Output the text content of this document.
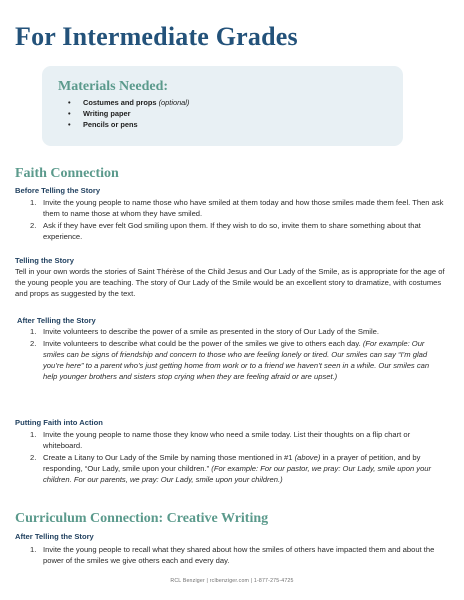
For Intermediate Grades
Materials Needed:
• Costumes and props (optional)
• Writing paper
• Pencils or pens
Faith Connection
Before Telling the Story
1. Invite the young people to name those who have smiled at them today and how those smiles made them feel. Then ask them to name those at whom they have smiled.
2. Ask if they have ever felt God smiling upon them. If they wish to do so, invite them to share something about that experience.
Telling the Story

Tell in your own words the stories of Saint Thérèse of the Child Jesus and Our Lady of the Smile, as is appropriate for the age of the young people you are teaching. The story of Our Lady of the Smile would be an excellent story to dramatize, with costumes and props as suggested by the text.

After Telling the Story
1. Invite volunteers to describe the power of a smile as presented in the story of Our Lady of the Smile.
2. Invite volunteers to describe what could be the power of the smiles we give to others each day. (For example: Our smiles can be signs of friendship and concern to those who are feeling lonely or tired. Our smiles can say “I’m glad you’re here” to a parent who’s just getting home from work or to a friend we haven’t seen in a while. Our smiles can help younger brothers and sisters stop crying when they are feeling afraid or are upset.)
Putting Faith into Action
1. Invite the young people to name those they know who need a smile today. List their thoughts on a flip chart or whiteboard.
2. Create a Litany to Our Lady of the Smile by naming those mentioned in #1 (above) in a prayer of petition, and by responding, “Our Lady, smile upon your children.” (For example: For our pastor, we pray: Our Lady, smile upon your children. For our parents, we pray: Our Lady, smile upon your children.)
Curriculum Connection: Creative Writing
After Telling the Story
1. Invite the young people to recall what they shared about how the smiles of others have impacted them and about the power of the smiles we give others each and every day.
RCL Benziger | rclbenziger.com | 1-877-275-4725
